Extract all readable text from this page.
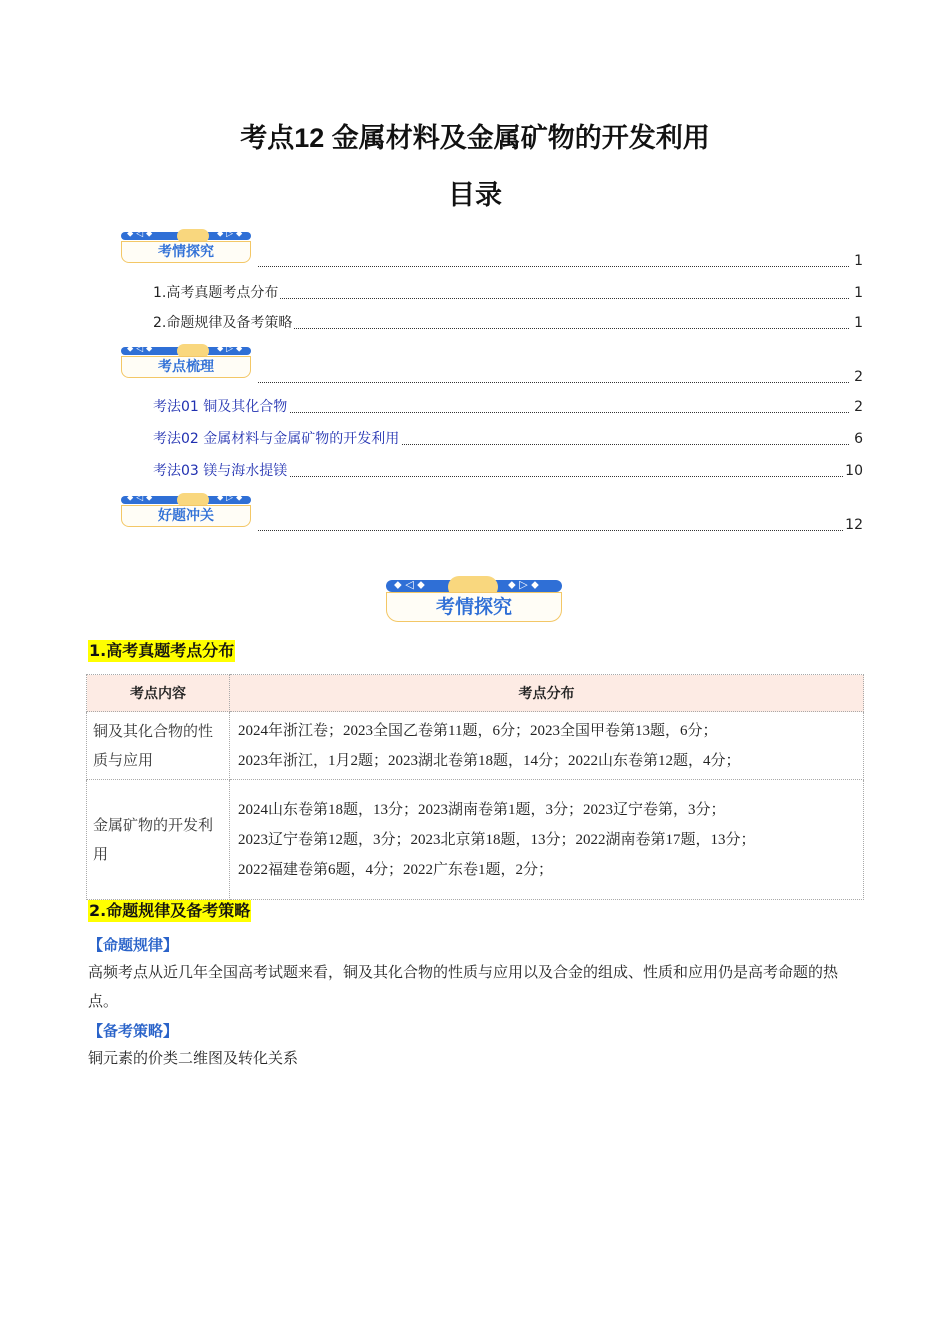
考点12 金属材料及金属矿物的开发利用
目录
⬥ ◁ ⬥	⬥ ▷ ⬥
考情探究
1
1.高考真题考点分布	1
2.命题规律及备考策略	1
⬥ ◁ ⬥	⬥ ▷ ⬥
考点梳理
2
考法01 铜及其化合物	2
考法02 金属材料与金属矿物的开发利用	6
考法03 镁与海水提镁	10
⬥ ◁ ⬥	⬥ ▷ ⬥
好题冲关
12
⬥ ◁ ⬥	⬥ ▷ ⬥
考情探究
1.高考真题考点分布
考点内容	考点分布
铜及其化合物的性质与应用	2024年浙江卷；2023全国乙卷第11题，6分；2023全国甲卷第13题，6分；
2023年浙江，1月2题；2023湖北卷第18题，14分；2022山东卷第12题，4分；

金属矿物的开发利用	2024山东卷第18题，13分；2023湖南卷第1题，3分；2023辽宁卷第，3分；
2023辽宁卷第12题，3分；2023北京第18题，13分；2022湖南卷第17题，13分；
2022福建卷第6题，4分；2022广东卷1题，2分；
2.命题规律及备考策略
【命题规律】
高频考点从近几年全国高考试题来看，铜及其化合物的性质与应用以及合金的组成、性质和应用仍是高考命题的热点。
【备考策略】
铜元素的价类二维图及转化关系
